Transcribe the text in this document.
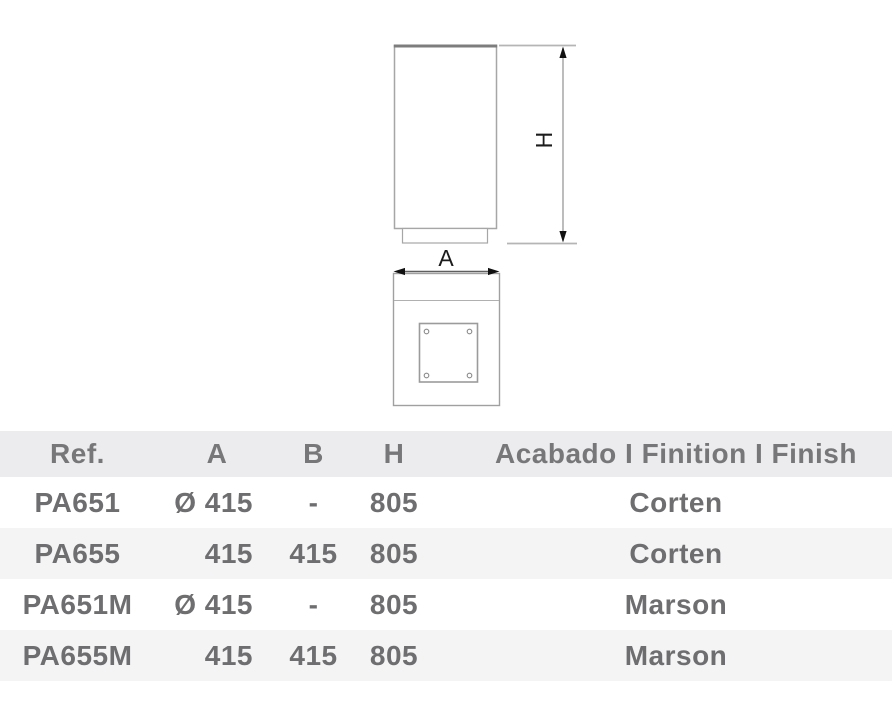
H
A
Ref.	A	B	H	Acabado I Finition I Finish
PA651	Ø 415	-	805	Corten
PA655	415	415	805	Corten
PA651M	Ø 415	-	805	Marson
PA655M	415	415	805	Marson
